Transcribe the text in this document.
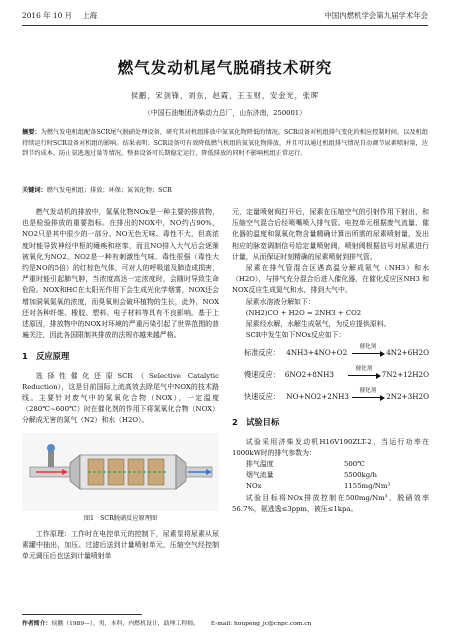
2016 年 10 月 上海	中国内燃机学会第九届学术年会
燃气发动机尾气脱硝技术研究
侯鹏，宋剑锋，刘东，赵霞，王玉财，安金光，张晖
（中国石油集团济柴动力总厂，山东济南，250001）
摘要：为燃气发电机组配备SCR尾气脱硝处理设备，研究其对机组排放中氮氧化物降低的情况。SCR设备对机组排气变化的相应控制时间，以及机组持续运行时SCR设备对机组的影响。结果表明：SCR设备可有效降低燃气机组的氮氧化物排放，并且可以通过机组排气情况自动调节尿素喷射量，达到节约成本、防止氨逃逸过量等情况。整套设备可长期稳定运行，降低排放的同时不影响机组正常运行。
关键词：燃气发电机组；排放；环保；氮氧化物；SCR

燃气发动机的排放中，氮氧化物NOx是一种主要的排放物，也是检验排放的重要指标。在排出的NOX中，NO约占90%，NO2只是其中很少的一部分。NO无色无味、毒性不大，但高浓度时能导致神经中枢的瘫痪和痉挛，而且NO排入大气后会逐渐被氧化为NO2。NO2是一种有刺激性气味、毒性很强（毒性大约是NO的5倍）的红棕色气体，可对人的呼吸道及肺造成损害，严重时能引起肺气肿，当浓度高达一定浓度时，会随时导致生命危险。NOX和HC在太阳光作用下会生成光化学烟雾，NOX还会增加洞氧氮氧的浓度，而臭氧则会破坏植物的生长，此外，NOX还对各种纤维、橡胶、塑料、电子材料等具有不良影响。基于上述原因，排放物中的NOX对环境的严重污染引起了世界范围的普遍关注，因此各国限制其排放的法规亦越来越严格。

1　反应原理

选择性催化还原SCR（Selective Catalytic Reduction），这是目前国际上流高效去除尾气中NOX的技术路线。主要针对废气中的氮氧化合物（NOX），一定温度（280℃~600℃）时在催化剂的作用下将氮氧化合物（NOX）分解成无害的氮气（N2）和水（H2O）。

图1　SCR脱硝反应原理图

工作原理：工作时在电控单元的控制下，尿素泵将尿素从尿素罐中抽出，加压、过滤后送到计量喷射单元，压缩空气经控制单元调压后也送到计量喷射单

元，定量喷射阀打开后，尿素在压缩空气的引射作用下射出，和压缩空气混合后经喷嘴喷入排气管。电控单元根据废气流量、催化器的温度和氮氧化物含量精确计算出所需的尿素喷射量，发出相应的脉宽调制信号给定量喷射阀，喷射阀根据信号对尿素进行计量，从而保证时刻精确的尿素喷射到排气管。

尿素在排气管混合区遇高温分解成氨气（NH3）和水（H2O），与排气充分混合后进入催化器，在催化反应区NH3 和NOX反应生成氮气和水，排到大气中。

尿素水溶液分解如下：

(NH2)CO + H2O = 2NH3 + CO2

尿素经水解，水解生成氨气，为反应提供原料。

SCR中发生如下NOx反应如下：

标准反应： 4NH3+4NO+O2
催化剂
4N2+6H2O
慢速反应： 6NO2+8NH3
催化剂
7N2+12H2O
快速反应： NO+NO2+2NH3
催化剂
2N2+3H2O
2　试验目标

试验采用济柴发动机H16V190ZLT-2，当运行功率在1000kW时的排气参数为：

排气温度	500℃
烟气流量	5500kg/h
NOx	1155mg/Nm³

试验目标将NOx排放控制在500mg/Nm³，脱硝效率56.7%，氨逃逸≤3ppm，被压≤1kpa。

作者简介：侯鹏（1989—），男，本科，内燃机设计，助理工程师。 E-mail: houpeng_jc@cnpc.com.cn
